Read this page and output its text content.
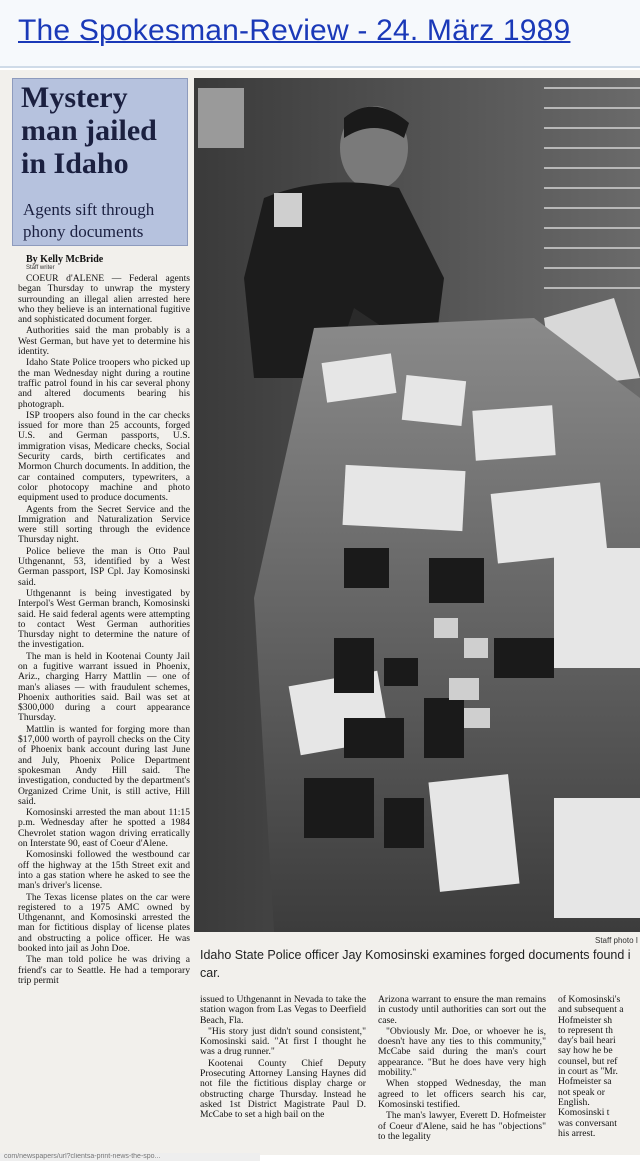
The Spokesman-Review - 24. März 1989
Mystery man jailed in Idaho
Agents sift through phony documents
By Kelly McBride
Staff writer

COEUR d'ALENE — Federal agents began Thursday to unwrap the mystery surrounding an illegal alien arrested here who they believe is an international fugitive and sophisticated document forger.

Authorities said the man probably is a West German, but have yet to determine his identity.

Idaho State Police troopers who picked up the man Wednesday night during a routine traffic patrol found in his car several phony and altered documents bearing his photograph.

ISP troopers also found in the car checks issued for more than 25 accounts, forged U.S. and German passports, U.S. immigration visas, Medicare checks, Social Security cards, birth certificates and Mormon Church documents. In addition, the car contained computers, typewriters, a color photocopy machine and photo equipment used to produce documents.

Agents from the Secret Service and the Immigration and Naturalization Service were still sorting through the evidence Thursday night.

Police believe the man is Otto Paul Uthgenannt, 53, identified by a West German passport, ISP Cpl. Jay Komosinski said.

Uthgenannt is being investigated by Interpol's West German branch, Komosinski said. He said federal agents were attempting to contact West German authorities Thursday night to determine the nature of the investigation.

The man is held in Kootenai County Jail on a fugitive warrant issued in Phoenix, Ariz., charging Harry Mattlin — one of man's aliases — with fraudulent schemes, Phoenix authorities said. Bail was set at $300,000 during a court appearance Thursday.

Mattlin is wanted for forging more than $17,000 worth of payroll checks on the City of Phoenix bank account during last June and July, Phoenix Police Department spokesman Andy Hill said. The investigation, conducted by the department's Organized Crime Unit, is still active, Hill said.

Komosinski arrested the man about 11:15 p.m. Wednesday after he spotted a 1984 Chevrolet station wagon driving erratically on Interstate 90, east of Coeur d'Alene.

Komosinski followed the westbound car off the highway at the 15th Street exit and into a gas station where he asked to see the man's driver's license.

The Texas license plates on the car were registered to a 1975 AMC owned by Uthgenannt, and Komosinski arrested the man for fictitious display of license plates and obstructing a police officer. He was booked into jail as John Doe.

The man told police he was driving a friend's car to Seattle. He had a temporary trip permit

Staff photo I
Idaho State Police officer Jay Komosinski examines forged documents found i car.

issued to Uthgenannt in Nevada to take the station wagon from Las Vegas to Deerfield Beach, Fla.

"His story just didn't sound consistent," Komosinski said. "At first I thought he was a drug runner."

Kootenai County Chief Deputy Prosecuting Attorney Lansing Haynes did not file the fictitious display charge or obstructing charge Thursday. Instead he asked 1st District Magistrate Paul D. McCabe to set a high bail on the

Arizona warrant to ensure the man remains in custody until authorities can sort out the case.

"Obviously Mr. Doe, or whoever he is, doesn't have any ties to this community," McCabe said during the man's court appearance. "But he does have very high mobility."

When stopped Wednesday, the man agreed to let officers search his car, Komosinski testified.

The man's lawyer, Everett D. Hofmeister of Coeur d'Alene, said he has "objections" to the legality

of Komosinski's
and subsequent a
Hofmeister sh
to represent th
day's bail heari
say how he be
counsel, but ref
in court as "Mr.
Hofmeister sa
not speak or
English.
Komosinski t
was conversant
his arrest.
com/newspapers/url?clientsa-print-news-the-spo...
